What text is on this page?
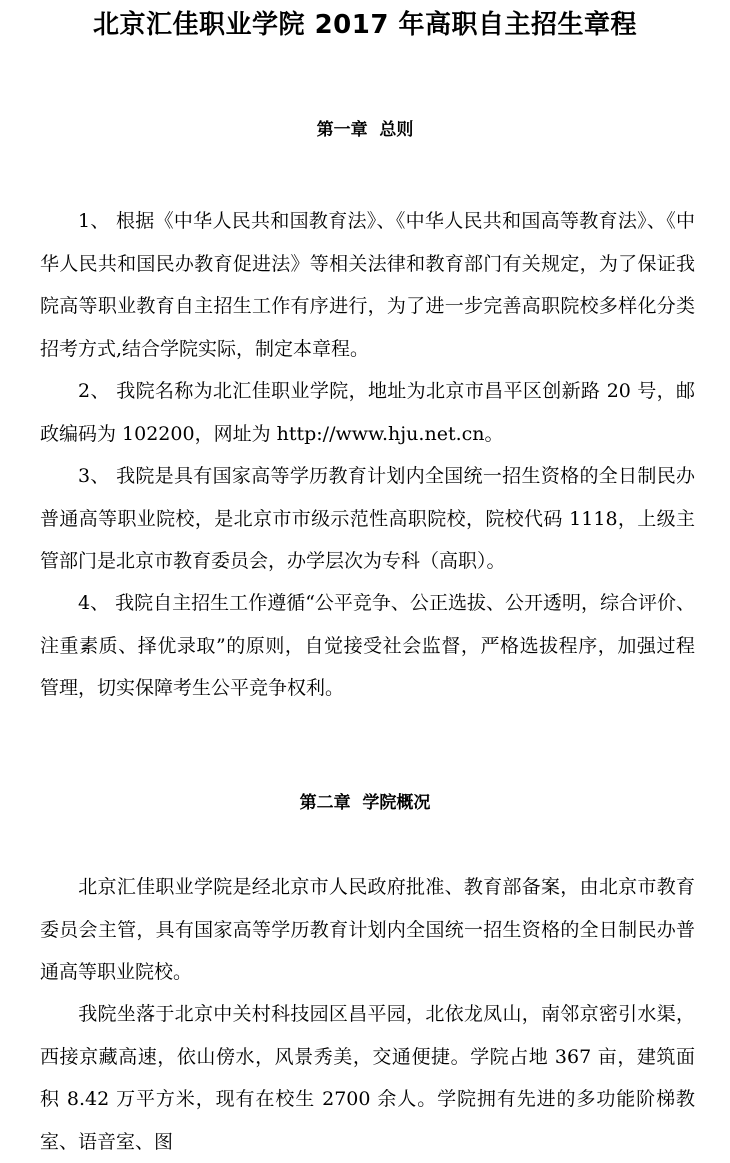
北京汇佳职业学院 2017 年高职自主招生章程
第一章  总则

1、 根据《中华人民共和国教育法》、《中华人民共和国高等教育法》、《中华人民共和国民办教育促进法》等相关法律和教育部门有关规定，为了保证我院高等职业教育自主招生工作有序进行，为了进一步完善高职院校多样化分类招考方式,结合学院实际，制定本章程。

2、 我院名称为北汇佳职业学院，地址为北京市昌平区创新路 20 号，邮政编码为 102200，网址为 http://www.hju.net.cn。

3、 我院是具有国家高等学历教育计划内全国统一招生资格的全日制民办普通高等职业院校，是北京市市级示范性高职院校，院校代码 1118，上级主管部门是北京市教育委员会，办学层次为专科（高职）。

4、 我院自主招生工作遵循“公平竞争、公正选拔、公开透明，综合评价、注重素质、择优录取”的原则，自觉接受社会监督，严格选拔程序，加强过程管理，切实保障考生公平竞争权利。

第二章  学院概况

北京汇佳职业学院是经北京市人民政府批准、教育部备案，由北京市教育委员会主管，具有国家高等学历教育计划内全国统一招生资格的全日制民办普通高等职业院校。

我院坐落于北京中关村科技园区昌平园，北依龙凤山，南邻京密引水渠，西接京藏高速，依山傍水，风景秀美，交通便捷。学院占地 367 亩，建筑面积 8.42 万平方米，现有在校生 2700 余人。学院拥有先进的多功能阶梯教室、语音室、图
